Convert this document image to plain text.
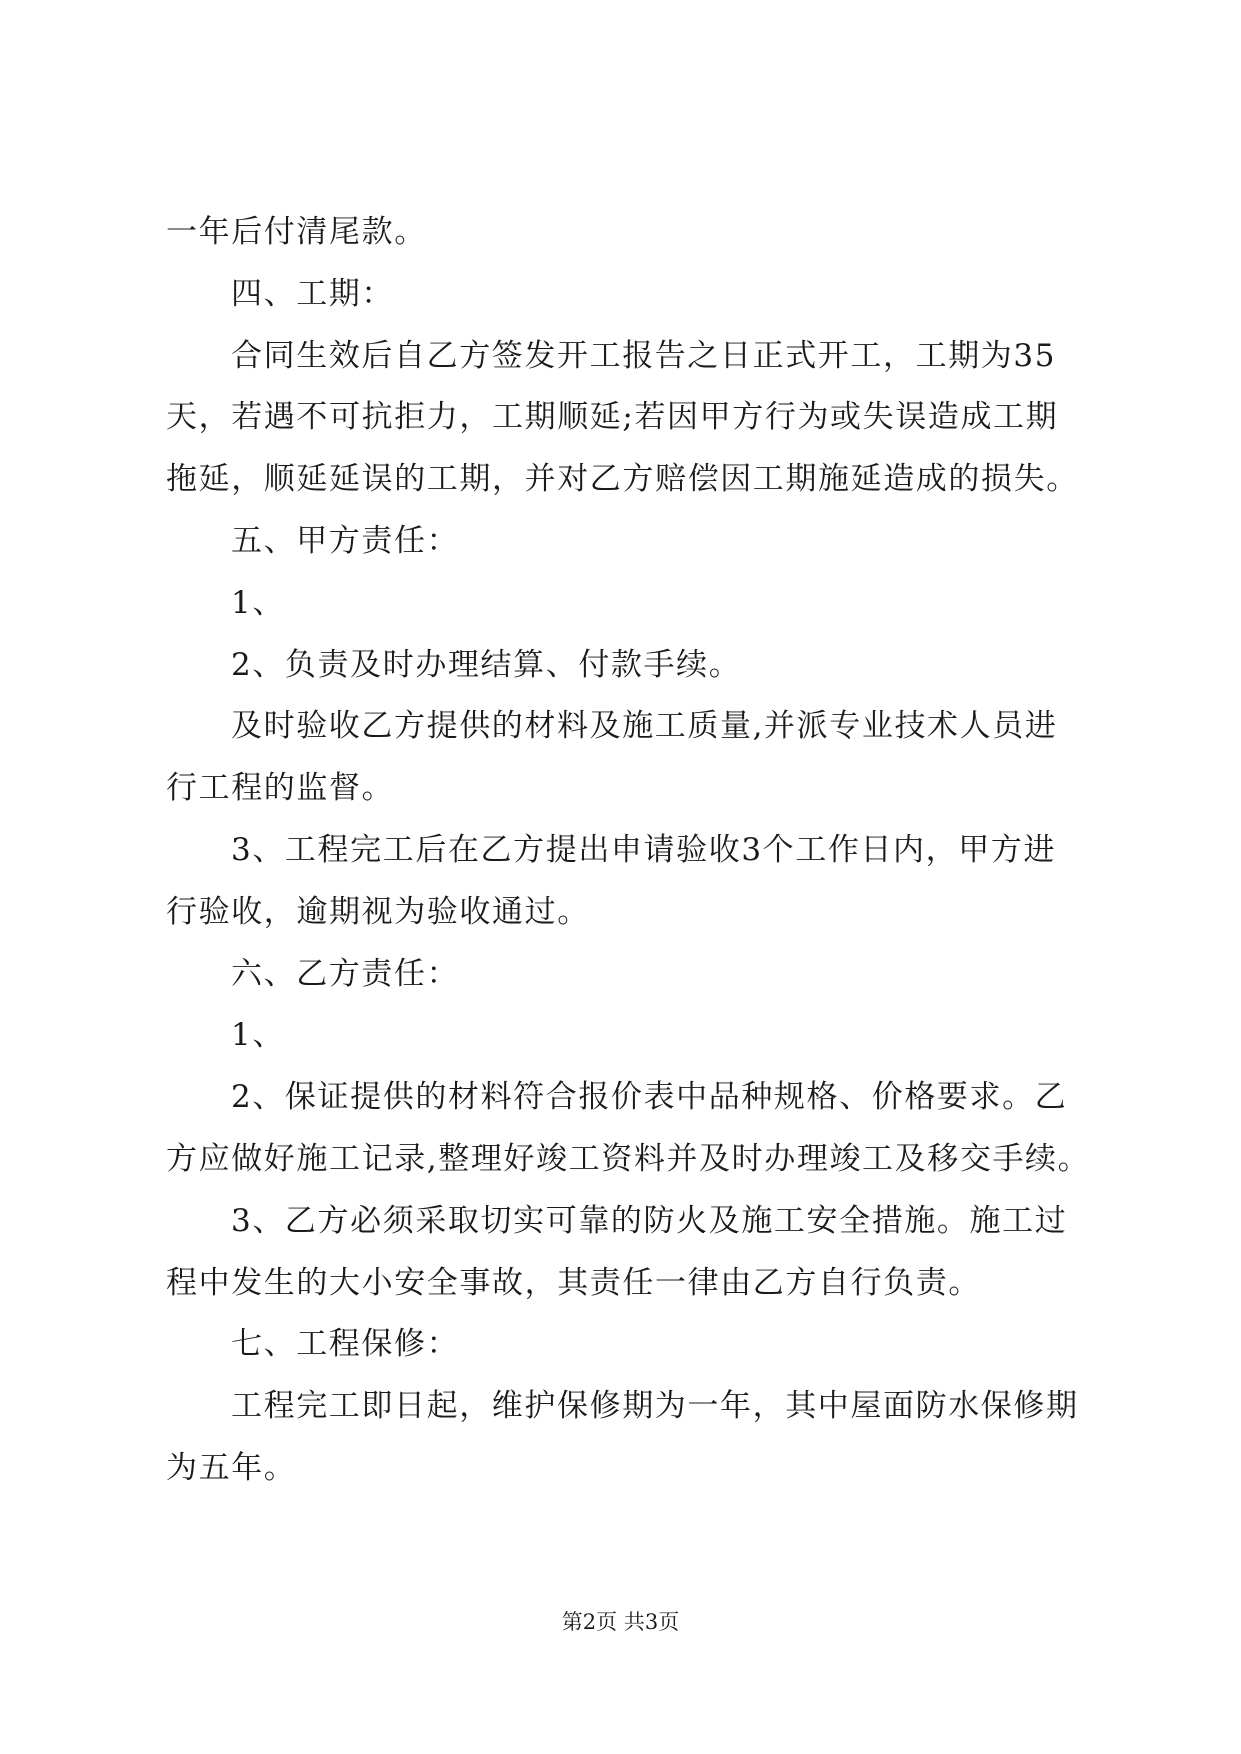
一年后付清尾款。
四、工期：
合同生效后自乙方签发开工报告之日正式开工，工期为35
天，若遇不可抗拒力，工期顺延;若因甲方行为或失误造成工期
拖延，顺延延误的工期，并对乙方赔偿因工期施延造成的损失。
五、甲方责任：
1、
2、负责及时办理结算、付款手续。
及时验收乙方提供的材料及施工质量,并派专业技术人员进
行工程的监督。
3、工程完工后在乙方提出申请验收3个工作日内，甲方进
行验收，逾期视为验收通过。
六、乙方责任：
1、
2、保证提供的材料符合报价表中品种规格、价格要求。乙
方应做好施工记录,整理好竣工资料并及时办理竣工及移交手续。
3、乙方必须采取切实可靠的防火及施工安全措施。施工过
程中发生的大小安全事故，其责任一律由乙方自行负责。
七、工程保修：
工程完工即日起，维护保修期为一年，其中屋面防水保修期
为五年。
第2页 共3页
